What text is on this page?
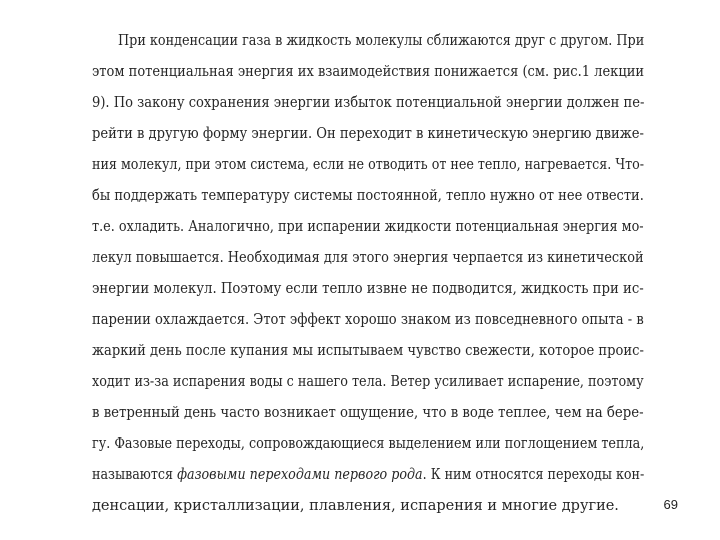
При конденсации газа в жидкость молекулы сближаются друг с другом. При
этом потенциальная энергия их взаимодействия понижается (см. рис.1 лекции
9). По закону сохранения энергии избыток потенциальной энергии должен пе-
рейти в другую форму энергии. Он переходит в кинетическую энергию движе-
ния молекул, при этом система, если не отводить от нее тепло, нагревается. Что-
бы поддержать температуру системы постоянной, тепло нужно от нее отвести.
т.е. охладить. Аналогично, при испарении жидкости потенциальная энергия мо-
лекул повышается. Необходимая для этого энергия черпается из кинетической
энергии молекул. Поэтому если тепло извне не подводится, жидкость при ис-
парении охлаждается. Этот эффект хорошо знаком из повседневного опыта - в
жаркий день после купания мы испытываем чувство свежести, которое проис-
ходит из-за испарения воды с нашего тела. Ветер усиливает испарение, поэтому
в ветренный день часто возникает ощущение, что в воде теплее, чем на бере-
гу. Фазовые переходы, сопровождающиеся выделением или поглощением тепла,
называются фазовыми переходами первого рода. К ним относятся переходы кон-
денсации, кристаллизации, плавления, испарения и многие другие.	69
